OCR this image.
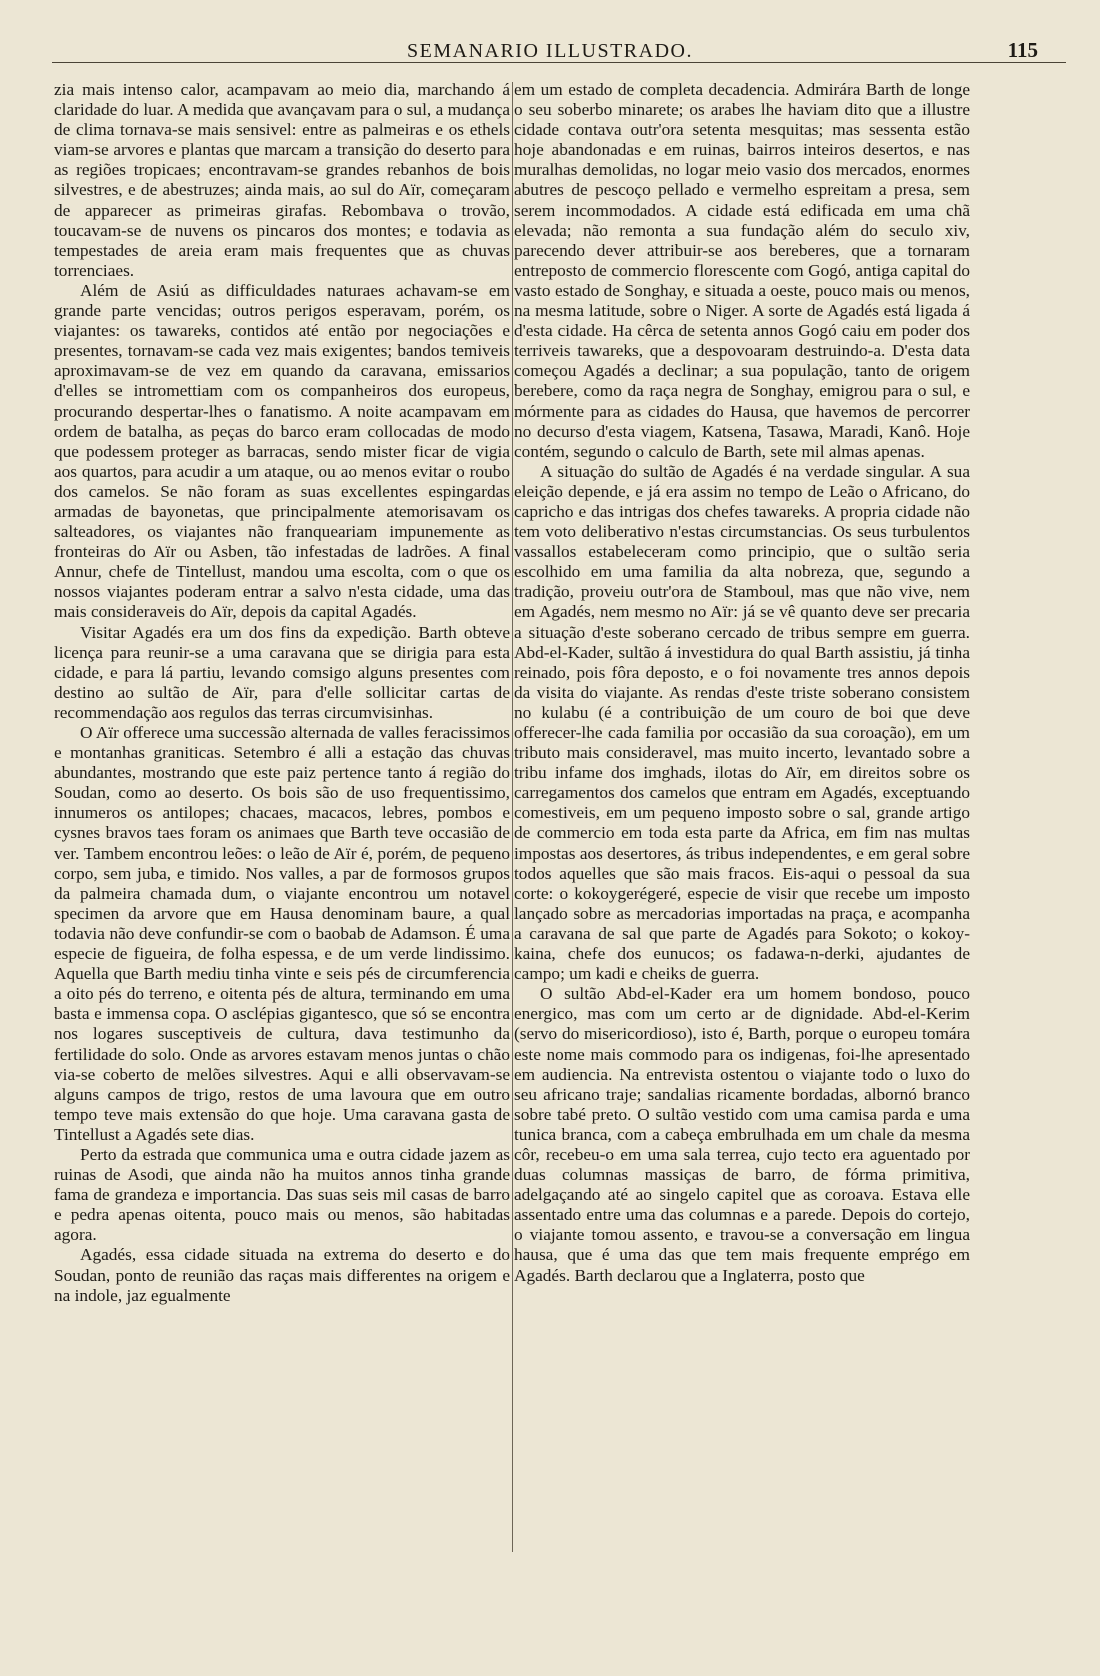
SEMANARIO ILLUSTRADO.	115

zia mais intenso calor, acampavam ao meio dia, marchando á claridade do luar. A medida que avançavam para o sul, a mudança de clima tornava-se mais sensivel: entre as palmeiras e os ethels viam-se arvores e plantas que marcam a transição do deserto para as regiões tropicaes; encontravam-se grandes rebanhos de bois silvestres, e de abestruzes; ainda mais, ao sul do Aïr, começaram de apparecer as primeiras girafas. Rebombava o trovão, toucavam-se de nuvens os pincaros dos montes; e todavia as tempestades de areia eram mais frequentes que as chuvas torrenciaes.

Além de Asiú as difficuldades naturaes achavam-se em grande parte vencidas; outros perigos esperavam, porém, os viajantes: os tawareks, contidos até então por negociações e presentes, tornavam-se cada vez mais exigentes; bandos temiveis aproximavam-se de vez em quando da caravana, emissarios d'elles se intromettiam com os companheiros dos europeus, procurando despertar-lhes o fanatismo. A noite acampavam em ordem de batalha, as peças do barco eram collocadas de modo que podessem proteger as barracas, sendo mister ficar de vigia aos quartos, para acudir a um ataque, ou ao menos evitar o roubo dos camelos. Se não foram as suas excellentes espingardas armadas de bayonetas, que principalmente atemorisavam os salteadores, os viajantes não franqueariam impunemente as fronteiras do Aïr ou Asben, tão infestadas de ladrões. A final Annur, chefe de Tintellust, mandou uma escolta, com o que os nossos viajantes poderam entrar a salvo n'esta cidade, uma das mais consideraveis do Aïr, depois da capital Agadés.

Visitar Agadés era um dos fins da expedição. Barth obteve licença para reunir-se a uma caravana que se dirigia para esta cidade, e para lá partiu, levando comsigo alguns presentes com destino ao sultão de Aïr, para d'elle sollicitar cartas de recommendação aos regulos das terras circumvisinhas.

O Aïr offerece uma successão alternada de valles feracissimos e montanhas graniticas. Setembro é alli a estação das chuvas abundantes, mostrando que este paiz pertence tanto á região do Soudan, como ao deserto. Os bois são de uso frequentissimo, innumeros os antilopes; chacaes, macacos, lebres, pombos e cysnes bravos taes foram os animaes que Barth teve occasião de ver. Tambem encontrou leões: o leão de Aïr é, porém, de pequeno corpo, sem juba, e timido. Nos valles, a par de formosos grupos da palmeira chamada dum, o viajante encontrou um notavel specimen da arvore que em Hausa denominam baure, a qual todavia não deve confundir-se com o baobab de Adamson. É uma especie de figueira, de folha espessa, e de um verde lindissimo. Aquella que Barth mediu tinha vinte e seis pés de circumferencia a oito pés do terreno, e oitenta pés de altura, terminando em uma basta e immensa copa. O asclépias gigantesco, que só se encontra nos logares susceptiveis de cultura, dava testimunho da fertilidade do solo. Onde as arvores estavam menos juntas o chão via-se coberto de melões silvestres. Aqui e alli observavam-se alguns campos de trigo, restos de uma lavoura que em outro tempo teve mais extensão do que hoje. Uma caravana gasta de Tintellust a Agadés sete dias.

Perto da estrada que communica uma e outra cidade jazem as ruinas de Asodi, que ainda não ha muitos annos tinha grande fama de grandeza e importancia. Das suas seis mil casas de barro e pedra apenas oitenta, pouco mais ou menos, são habitadas agora.

Agadés, essa cidade situada na extrema do deserto e do Soudan, ponto de reunião das raças mais differentes na origem e na indole, jaz egualmente

em um estado de completa decadencia. Admirára Barth de longe o seu soberbo minarete; os arabes lhe haviam dito que a illustre cidade contava outr'ora setenta mesquitas; mas sessenta estão hoje abandonadas e em ruinas, bairros inteiros desertos, e nas muralhas demolidas, no logar meio vasio dos mercados, enormes abutres de pescoço pellado e vermelho espreitam a presa, sem serem incommodados. A cidade está edificada em uma chã elevada; não remonta a sua fundação além do seculo xiv, parecendo dever attribuir-se aos bereberes, que a tornaram entreposto de commercio florescente com Gogó, antiga capital do vasto estado de Songhay, e situada a oeste, pouco mais ou menos, na mesma latitude, sobre o Niger. A sorte de Agadés está ligada á d'esta cidade. Ha cêrca de setenta annos Gogó caiu em poder dos terriveis tawareks, que a despovoaram destruindo-a. D'esta data começou Agadés a declinar; a sua população, tanto de origem berebere, como da raça negra de Songhay, emigrou para o sul, e mórmente para as cidades do Hausa, que havemos de percorrer no decurso d'esta viagem, Katsena, Tasawa, Maradi, Kanô. Hoje contém, segundo o calculo de Barth, sete mil almas apenas.

A situação do sultão de Agadés é na verdade singular. A sua eleição depende, e já era assim no tempo de Leão o Africano, do capricho e das intrigas dos chefes tawareks. A propria cidade não tem voto deliberativo n'estas circumstancias. Os seus turbulentos vassallos estabeleceram como principio, que o sultão seria escolhido em uma familia da alta nobreza, que, segundo a tradição, proveiu outr'ora de Stamboul, mas que não vive, nem em Agadés, nem mesmo no Aïr: já se vê quanto deve ser precaria a situação d'este soberano cercado de tribus sempre em guerra. Abd-el-Kader, sultão á investidura do qual Barth assistiu, já tinha reinado, pois fôra deposto, e o foi novamente tres annos depois da visita do viajante. As rendas d'este triste soberano consistem no kulabu (é a contribuição de um couro de boi que deve offerecer-lhe cada familia por occasião da sua coroação), em um tributo mais consideravel, mas muito incerto, levantado sobre a tribu infame dos imghads, ilotas do Aïr, em direitos sobre os carregamentos dos camelos que entram em Agadés, exceptuando comestiveis, em um pequeno imposto sobre o sal, grande artigo de commercio em toda esta parte da Africa, em fim nas multas impostas aos desertores, ás tribus independentes, e em geral sobre todos aquelles que são mais fracos. Eis-aqui o pessoal da sua corte: o kokoygerégeré, especie de visir que recebe um imposto lançado sobre as mercadorias importadas na praça, e acompanha a caravana de sal que parte de Agadés para Sokoto; o kokoy-kaina, chefe dos eunucos; os fadawa-n-derki, ajudantes de campo; um kadi e cheiks de guerra.

O sultão Abd-el-Kader era um homem bondoso, pouco energico, mas com um certo ar de dignidade. Abd-el-Kerim (servo do misericordioso), isto é, Barth, porque o europeu tomára este nome mais commodo para os indigenas, foi-lhe apresentado em audiencia. Na entrevista ostentou o viajante todo o luxo do seu africano traje; sandalias ricamente bordadas, albornó branco sobre tabé preto. O sultão vestido com uma camisa parda e uma tunica branca, com a cabeça embrulhada em um chale da mesma côr, recebeu-o em uma sala terrea, cujo tecto era aguentado por duas columnas massiças de barro, de fórma primitiva, adelgaçando até ao singelo capitel que as coroava. Estava elle assentado entre uma das columnas e a parede. Depois do cortejo, o viajante tomou assento, e travou-se a conversação em lingua hausa, que é uma das que tem mais frequente emprégo em Agadés. Barth declarou que a Inglaterra, posto que
